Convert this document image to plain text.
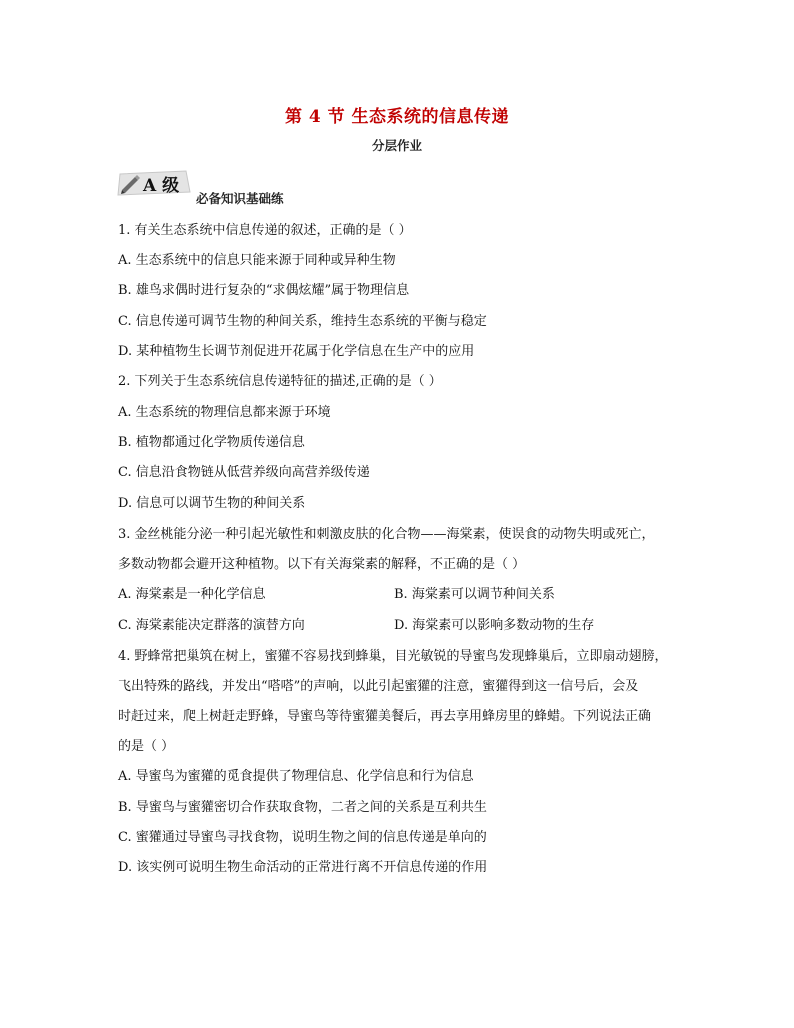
第 4 节 生态系统的信息传递
分层作业
A 级
必备知识基础练
1. 有关生态系统中信息传递的叙述，正确的是（ ）
A. 生态系统中的信息只能来源于同种或异种生物
B. 雄鸟求偶时进行复杂的“求偶炫耀”属于物理信息
C. 信息传递可调节生物的种间关系，维持生态系统的平衡与稳定
D. 某种植物生长调节剂促进开花属于化学信息在生产中的应用
2. 下列关于生态系统信息传递特征的描述,正确的是（ ）
A. 生态系统的物理信息都来源于环境
B. 植物都通过化学物质传递信息
C. 信息沿食物链从低营养级向高营养级传递
D. 信息可以调节生物的种间关系
3. 金丝桃能分泌一种引起光敏性和刺激皮肤的化合物——海棠素，使误食的动物失明或死亡，
多数动物都会避开这种植物。以下有关海棠素的解释，不正确的是（ ）
A. 海棠素是一种化学信息	B. 海棠素可以调节种间关系
C. 海棠素能决定群落的演替方向	D. 海棠素可以影响多数动物的生存
4. 野蜂常把巢筑在树上，蜜獾不容易找到蜂巢，目光敏锐的导蜜鸟发现蜂巢后，立即扇动翅膀，
飞出特殊的路线，并发出“嗒嗒”的声响，以此引起蜜獾的注意，蜜獾得到这一信号后，会及
时赶过来，爬上树赶走野蜂，导蜜鸟等待蜜獾美餐后，再去享用蜂房里的蜂蜡。下列说法正确
的是（ ）
A. 导蜜鸟为蜜獾的觅食提供了物理信息、化学信息和行为信息
B. 导蜜鸟与蜜獾密切合作获取食物，二者之间的关系是互利共生
C. 蜜獾通过导蜜鸟寻找食物，说明生物之间的信息传递是单向的
D. 该实例可说明生物生命活动的正常进行离不开信息传递的作用
